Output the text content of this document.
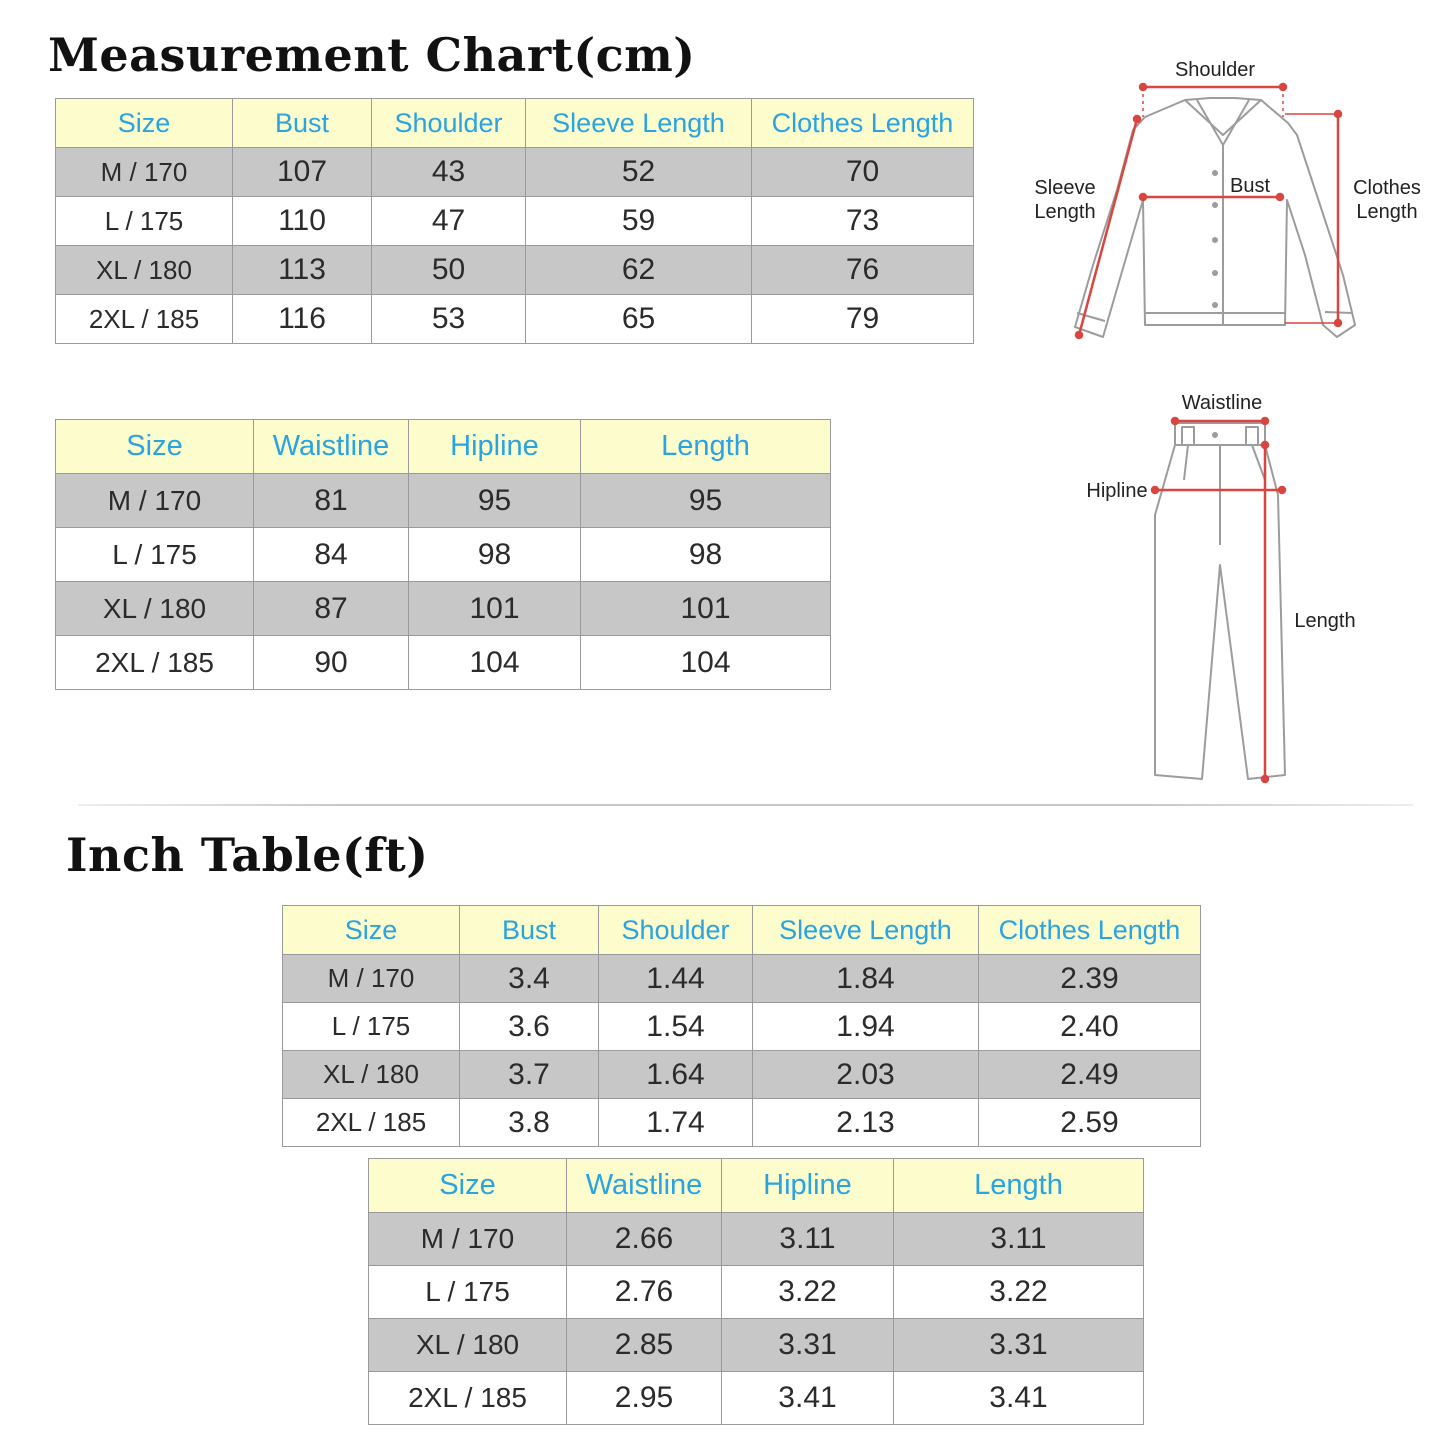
Measurement Chart(cm)
Size	Bust	Shoulder	Sleeve Length	Clothes Length
M / 170	107	43	52	70
L / 175	110	47	59	73
XL / 180	113	50	62	76
2XL / 185	116	53	65	79
Shoulder
Sleeve
Length
Bust	Clothes
Length
Size	Waistline	Hipline	Length
M / 170	81	95	95
L / 175	84	98	98
XL / 180	87	101	101
2XL / 185	90	104	104
Waistline
Hipline
Length
Inch Table(ft)
Size	Bust	Shoulder	Sleeve Length	Clothes Length
M / 170	3.4	1.44	1.84	2.39
L / 175	3.6	1.54	1.94	2.40
XL / 180	3.7	1.64	2.03	2.49
2XL / 185	3.8	1.74	2.13	2.59
Size	Waistline	Hipline	Length
M / 170	2.66	3.11	3.11
L / 175	2.76	3.22	3.22
XL / 180	2.85	3.31	3.31
2XL / 185	2.95	3.41	3.41
